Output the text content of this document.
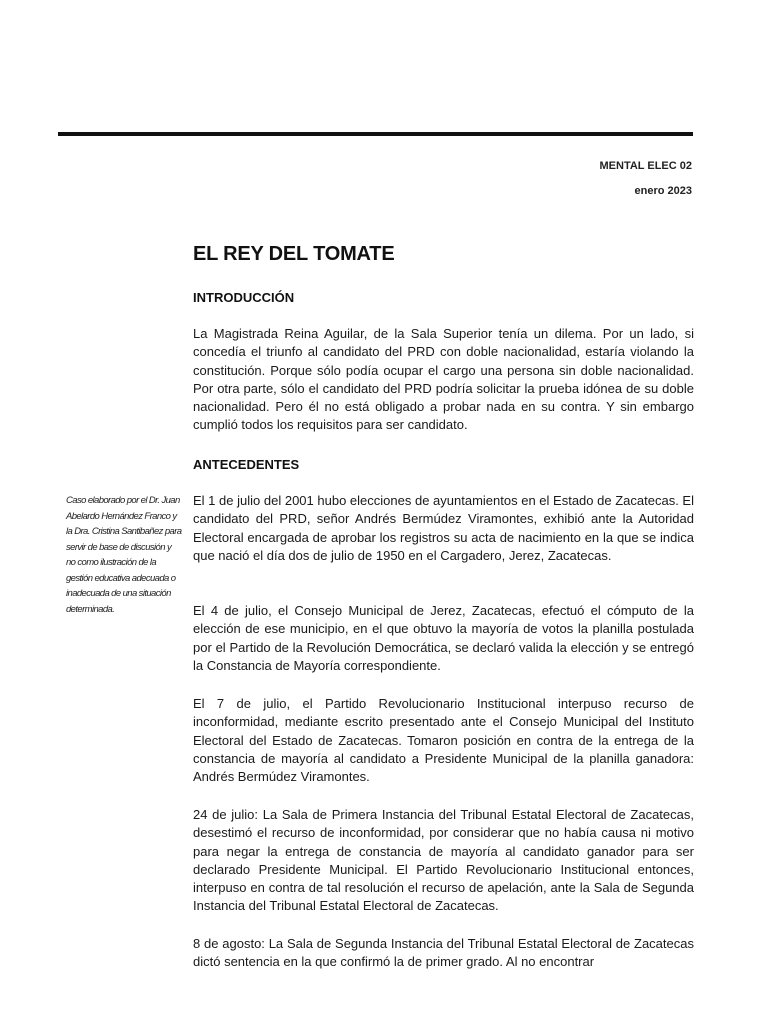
MENTAL ELEC 02
enero 2023
EL REY DEL TOMATE
INTRODUCCIÓN

La Magistrada Reina Aguilar, de la Sala Superior tenía un dilema. Por un lado, si concedía el triunfo al candidato del PRD con doble nacionalidad, estaría violando la constitución. Porque sólo podía ocupar el cargo una persona sin doble nacionalidad. Por otra parte, sólo el candidato del PRD podría solicitar la prueba idónea de su doble nacionalidad. Pero él no está obligado a probar nada en su contra. Y sin embargo cumplió todos los requisitos para ser candidato.

ANTECEDENTES

Caso elaborado por el Dr. Juan Abelardo Hernández Franco y la Dra. Cristina Santibañez para servir de base de discusión y no como ilustración de la gestión educativa adecuada o inadecuada de una situación determinada.

El 1 de julio del 2001 hubo elecciones de ayuntamientos en el Estado de Zacatecas. El candidato del PRD, señor Andrés Bermúdez Viramontes, exhibió ante la Autoridad Electoral encargada de aprobar los registros su acta de nacimiento en la que se indica que nació el día dos de julio de 1950 en el Cargadero, Jerez, Zacatecas.

El 4 de julio, el Consejo Municipal de Jerez, Zacatecas, efectuó el cómputo de la elección de ese municipio, en el que obtuvo la mayoría de votos la planilla postulada por el Partido de la Revolución Democrática, se declaró valida la elección y se entregó la Constancia de Mayoría correspondiente.

El 7 de julio, el Partido Revolucionario Institucional interpuso recurso de inconformidad, mediante escrito presentado ante el Consejo Municipal del Instituto Electoral del Estado de Zacatecas. Tomaron posición en contra de la entrega de la constancia de mayoría al candidato a Presidente Municipal de la planilla ganadora: Andrés Bermúdez Viramontes.

24 de julio: La Sala de Primera Instancia del Tribunal Estatal Electoral de Zacatecas, desestimó el recurso de inconformidad, por considerar que no había causa ni motivo para negar la entrega de constancia de mayoría al candidato ganador para ser declarado Presidente Municipal. El Partido Revolucionario Institucional entonces, interpuso en contra de tal resolución el recurso de apelación, ante la Sala de Segunda Instancia del Tribunal Estatal Electoral de Zacatecas.

8 de agosto: La Sala de Segunda Instancia del Tribunal Estatal Electoral de Zacatecas dictó sentencia en la que confirmó la de primer grado. Al no encontrar
